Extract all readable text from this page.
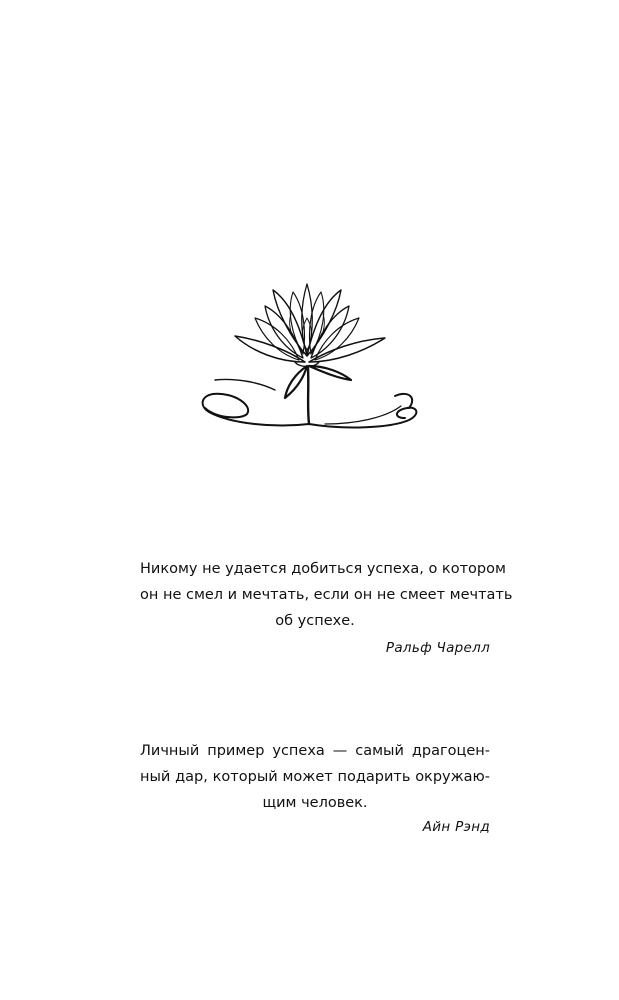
Никому не удается добиться успеха, о котором
он не смел и мечтать, если он не смеет мечтать
об успехе.
Ральф Чарелл
Личный пример успеха — самый драгоцен-
ный дар, который может подарить окружаю-
щим человек.
Айн Рэнд
